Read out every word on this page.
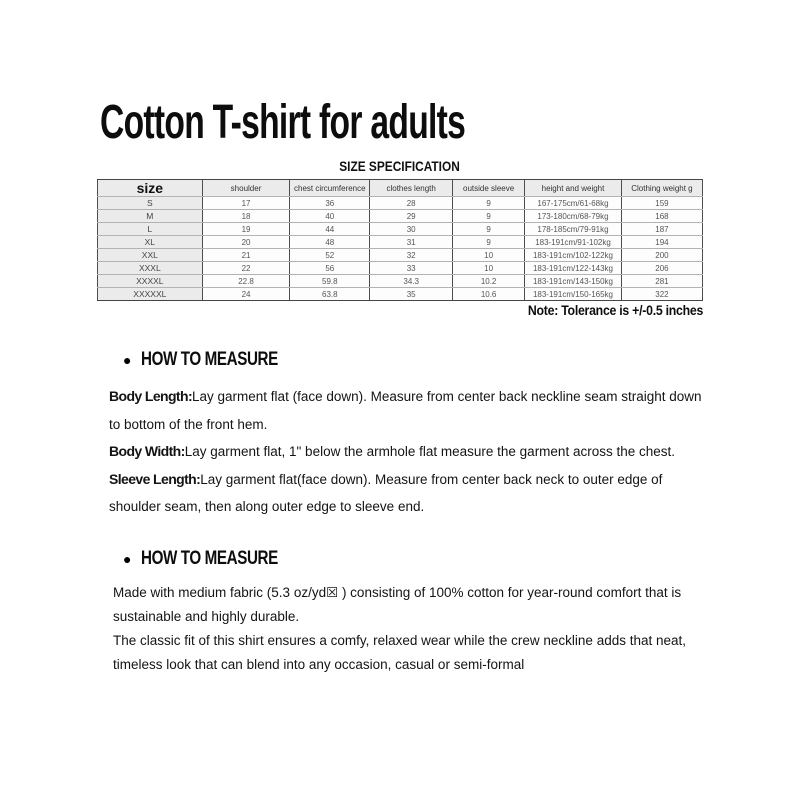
Cotton T-shirt for adults
SIZE SPECIFICATION
size	shoulder	chest circumference	clothes length	outside sleeve	height and weight	Clothing weight g
S	17	36	28	9	167-175cm/61-68kg	159
M	18	40	29	9	173-180cm/68-79kg	168
L	19	44	30	9	178-185cm/79-91kg	187
XL	20	48	31	9	183-191cm/91-102kg	194
XXL	21	52	32	10	183-191cm/102-122kg	200
XXXL	22	56	33	10	183-191cm/122-143kg	206
XXXXL	22.8	59.8	34.3	10.2	183-191cm/143-150kg	281
XXXXXL	24	63.8	35	10.6	183-191cm/150-165kg	322
Note: Tolerance is +/-0.5 inches
● HOW TO MEASURE

Body Length:Lay garment flat (face down). Measure from center back neckline seam straight down to bottom of the front hem.

Body Width:Lay garment flat, 1" below the armhole flat measure the garment across the chest.

Sleeve Length:Lay garment flat(face down). Measure from center back neck to outer edge of shoulder seam, then along outer edge to sleeve end.

● HOW TO MEASURE

Made with medium fabric (5.3 oz/yd☒ ) consisting of 100% cotton for year-round comfort that is sustainable and highly durable.

The classic fit of this shirt ensures a comfy, relaxed wear while the crew neckline adds that neat, timeless look that can blend into any occasion, casual or semi-formal
